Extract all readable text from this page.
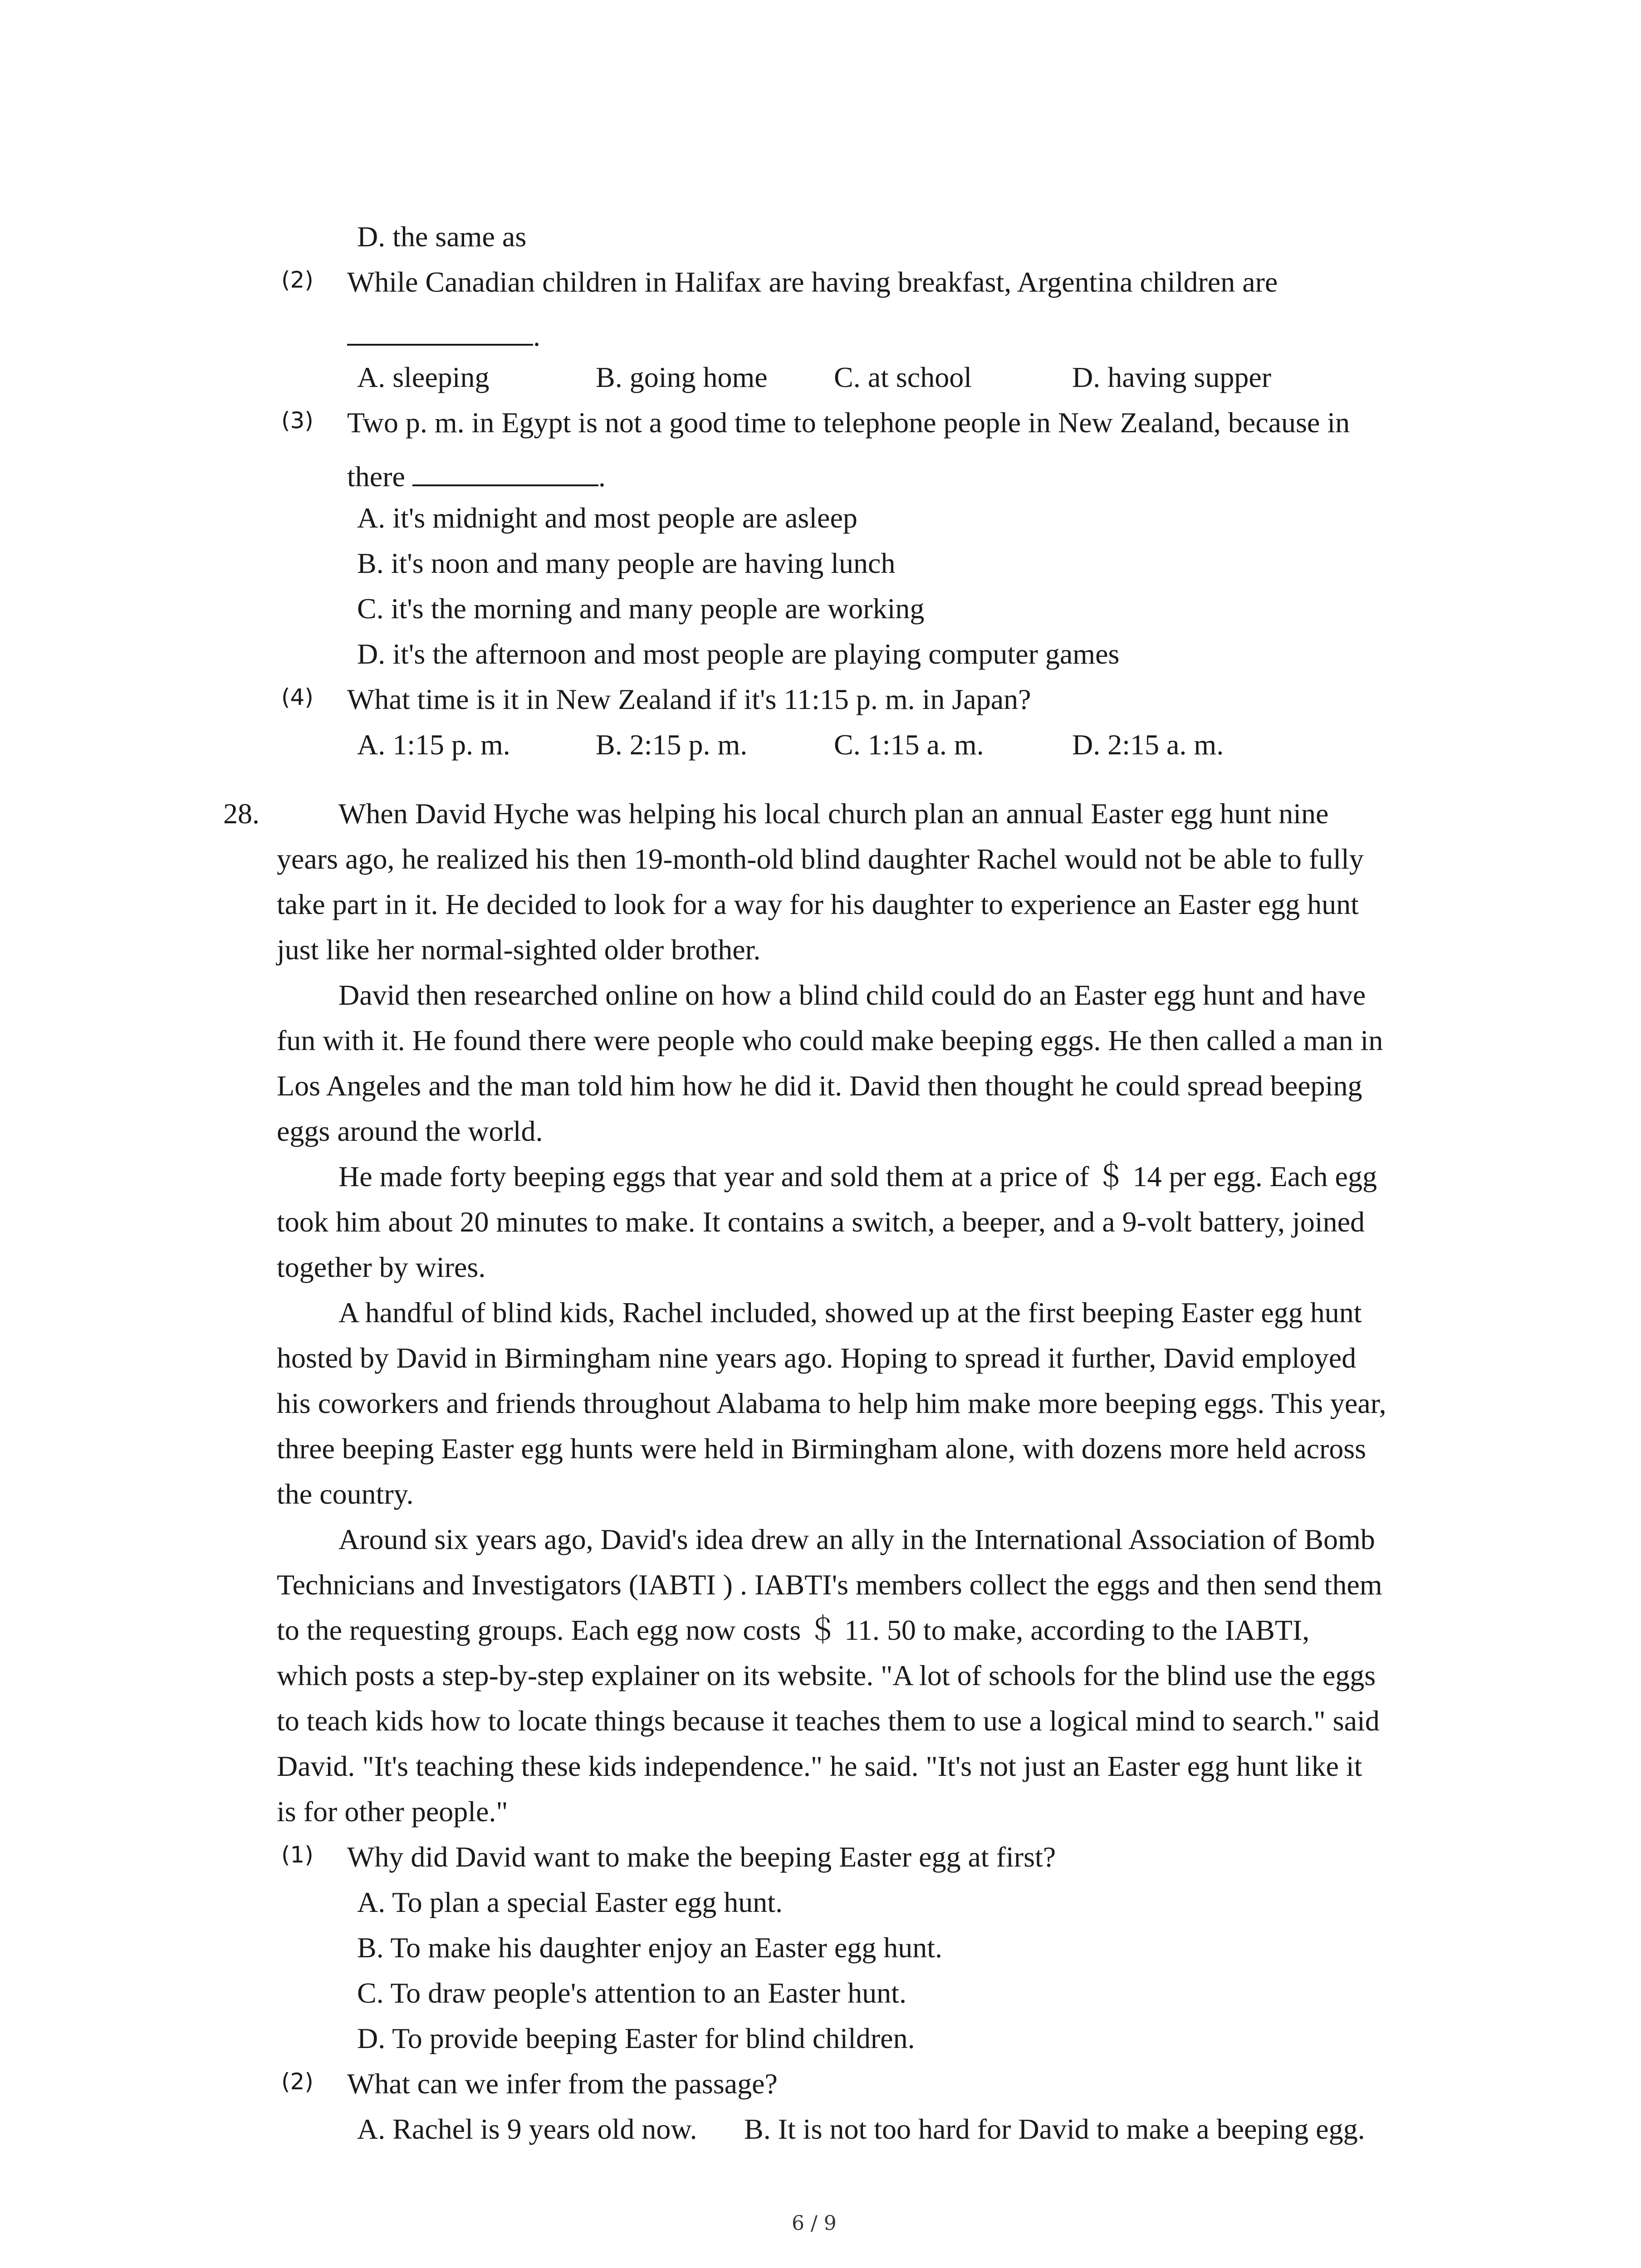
D. the same as
(2) While Canadian children in Halifax are having breakfast, Argentina children are
.
A. sleeping	B. going home C. at school	D. having supper
(3) Two p. m. in Egypt is not a good time to telephone people in New Zealand, because in
there	.
A. it's midnight and most people are asleep
B. it's noon and many people are having lunch
C. it's the morning and many people are working
D. it's the afternoon and most people are playing computer games
(4) What time is it in New Zealand if it's 11:15 p. m. in Japan?
A. 1:15 p. m.	B. 2:15 p. m.	C. 1:15 a. m.	D. 2:15 a. m.
28.	When David Hyche was helping his local church plan an annual Easter egg hunt nine
years ago, he realized his then 19-month-old blind daughter Rachel would not be able to fully
take part in it. He decided to look for a way for his daughter to experience an Easter egg hunt
just like her normal-sighted older brother.
David then researched online on how a blind child could do an Easter egg hunt and have
fun with it. He found there were people who could make beeping eggs. He then called a man in
Los Angeles and the man told him how he did it. David then thought he could spread beeping
eggs around the world.
He made forty beeping eggs that year and sold them at a price of ＄ 14 per egg. Each egg
took him about 20 minutes to make. It contains a switch, a beeper, and a 9-volt battery, joined
together by wires.
A handful of blind kids, Rachel included, showed up at the first beeping Easter egg hunt
hosted by David in Birmingham nine years ago. Hoping to spread it further, David employed
his coworkers and friends throughout Alabama to help him make more beeping eggs. This year,
three beeping Easter egg hunts were held in Birmingham alone, with dozens more held across
the country.
Around six years ago, David's idea drew an ally in the International Association of Bomb
Technicians and Investigators (IABTI ) . IABTI's members collect the eggs and then send them
to the requesting groups. Each egg now costs ＄ 11. 50 to make, according to the IABTI,
which posts a step-by-step explainer on its website. "A lot of schools for the blind use the eggs
to teach kids how to locate things because it teaches them to use a logical mind to search." said
David. "It's teaching these kids independence." he said. "It's not just an Easter egg hunt like it
is for other people."
(1) Why did David want to make the beeping Easter egg at first?
A. To plan a special Easter egg hunt.
B. To make his daughter enjoy an Easter egg hunt.
C. To draw people's attention to an Easter hunt.
D. To provide beeping Easter for blind children.
(2) What can we infer from the passage?
A. Rachel is 9 years old now. B. It is not too hard for David to make a beeping egg.
6 / 9
